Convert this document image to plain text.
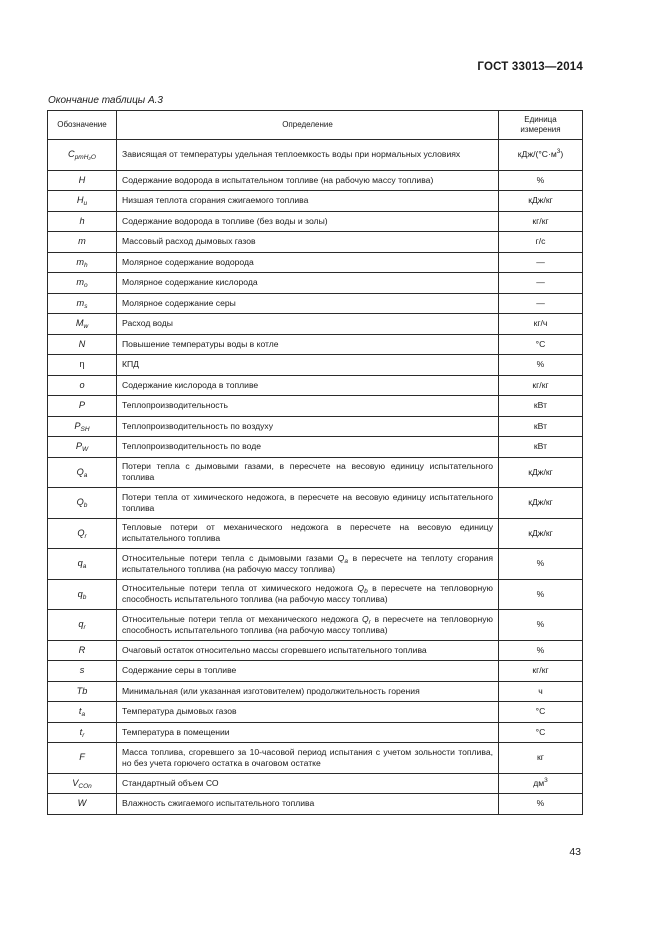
ГОСТ 33013—2014
Окончание таблицы А.3
Обозначение	Определение	Единица измерения
$C_{pmH_2O}$	Зависящая от температуры удельная теплоемкость воды при нормальных условиях	кДж/$(^\circ С\cdot м^3)$
H	Содержание водорода в испытательном топливе (на рабочую массу топлива)	%
$H_u$	Низшая теплота сгорания сжигаемого топлива	кДж/кг
h	Содержание водорода в топливе (без воды и золы)	кг/кг
m	Массовый расход дымовых газов	г/с
$m_h$	Молярное содержание водорода	—
$m_o$	Молярное содержание кислорода	—
$m_s$	Молярное содержание серы	—
$M_w$	Расход воды	кг/ч
N	Повышение температуры воды в котле	°С
η	КПД	%
o	Содержание кислорода в топливе	кг/кг
P	Теплопроизводительность	кВт
$P_{SH}$	Теплопроизводительность по воздуху	кВт
$P_W$	Теплопроизводительность по воде	кВт
$Q_a$	Потери тепла с дымовыми газами, в пересчете на весовую единицу испытательного топлива	кДж/кг
$Q_b$	Потери тепла от химического недожога, в пересчете на весовую единицу испытательного топлива	кДж/кг
$Q_r$	Тепловые потери от механического недожога в пересчете на весовую единицу испытательного топлива	кДж/кг
$q_a$	Относительные потери тепла с дымовыми газами $Q_a$ в пересчете на теплоту сгорания испытательного топлива (на рабочую массу топлива)	%
$q_b$	Относительные потери тепла от химического недожога $Q_b$ в пересчете на тепловорную способность испытательного топлива (на рабочую массу топлива)	%
$q_r$	Относительные потери тепла от механического недожога $Q_r$ в пересчете на тепловорную способность испытательного топлива (на рабочую массу топлива)	%
R	Очаговый остаток относительно массы сгоревшего испытательного топлива	%
s	Содержание серы в топливе	кг/кг
Tb	Минимальная (или указанная изготовителем) продолжительность горения	ч
$t_a$	Температура дымовых газов	°С
$t_r$	Температура в помещении	°С
F	Масса топлива, сгоревшего за 10-часовой период испытания с учетом зольности топлива, но без учета горючего остатка в очаговом остатке	кг
$V_{COn}$	Стандартный объем СО	$дм^3$
W	Влажность сжигаемого испытательного топлива	%
43
